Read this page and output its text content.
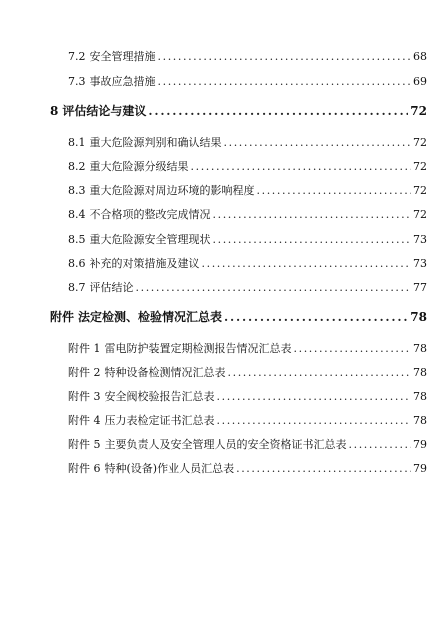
7.2 安全管理措施 .....	68
7.3 事故应急措施 .....	69
8 评估结论与建议 .....	72
8.1 重大危险源判别和确认结果 .....	72
8.2 重大危险源分级结果 .....	72
8.3 重大危险源对周边环境的影响程度 .....	72
8.4 不合格项的整改完成情况 .....	72
8.5 重大危险源安全管理现状 .....	73
8.6 补充的对策措施及建议 .....	73
8.7 评估结论 .....	77
附件 法定检测、检验情况汇总表 .....	78
附件 1 雷电防护装置定期检测报告情况汇总表 .....	78
附件 2 特种设备检测情况汇总表 .....	78
附件 3 安全阀校验报告汇总表 .....	78
附件 4 压力表检定证书汇总表 .....	78
附件 5 主要负责人及安全管理人员的安全资格证书汇总表 .....	79
附件 6 特种(设备)作业人员汇总表 .....	79
